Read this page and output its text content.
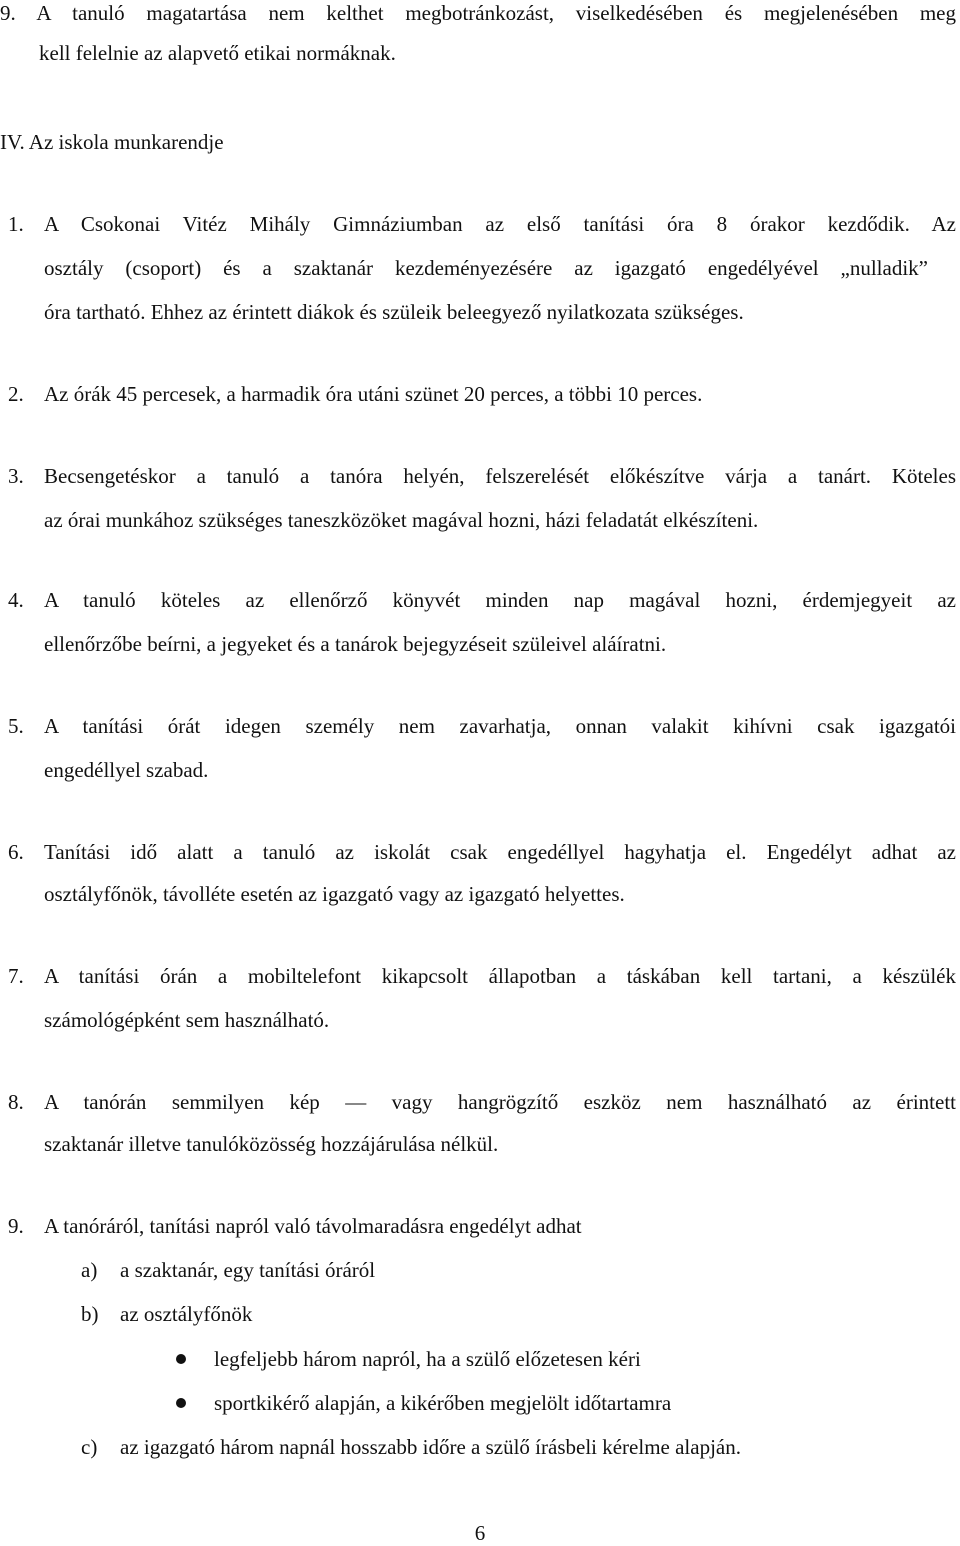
9. A tanuló magatartása nem kelthet megbotránkozást, viselkedésében és megjelenésében meg
kell felelnie az alapvető etikai normáknak.
IV. Az iskola munkarendje
1. A Csokonai Vitéz Mihály Gimnáziumban az első tanítási óra 8 órakor kezdődik. Az
osztály (csoport) és a szaktanár kezdeményezésére az igazgató engedélyével „nulladik”
óra tartható. Ehhez az érintett diákok és szüleik beleegyező nyilatkozata szükséges.
2. Az órák 45 percesek, a harmadik óra utáni szünet 20 perces, a többi 10 perces.
3. Becsengetéskor a tanuló a tanóra helyén, felszerelését előkészítve várja a tanárt. Köteles
az órai munkához szükséges taneszközöket magával hozni, házi feladatát elkészíteni.
4. A tanuló köteles az ellenőrző könyvét minden nap magával hozni, érdemjegyeit az
ellenőrzőbe beírni, a jegyeket és a tanárok bejegyzéseit szüleivel aláíratni.
5. A tanítási órát idegen személy nem zavarhatja, onnan valakit kihívni csak igazgatói
engedéllyel szabad.
6. Tanítási idő alatt a tanuló az iskolát csak engedéllyel hagyhatja el. Engedélyt adhat az
osztályfőnök, távolléte esetén az igazgató vagy az igazgató helyettes.
7. A tanítási órán a mobiltelefont kikapcsolt állapotban a táskában kell tartani, a készülék
számológépként sem használható.
8. A tanórán semmilyen kép — vagy hangrögzítő eszköz nem használható az érintett
szaktanár illetve tanulóközösség hozzájárulása nélkül.
9. A tanóráról, tanítási napról való távolmaradásra engedélyt adhat
a) a szaktanár, egy tanítási óráról
b) az osztályfőnök
legfeljebb három napról, ha a szülő előzetesen kéri
sportkikérő alapján, a kikérőben megjelölt időtartamra
c) az igazgató három napnál hosszabb időre a szülő írásbeli kérelme alapján.
6
